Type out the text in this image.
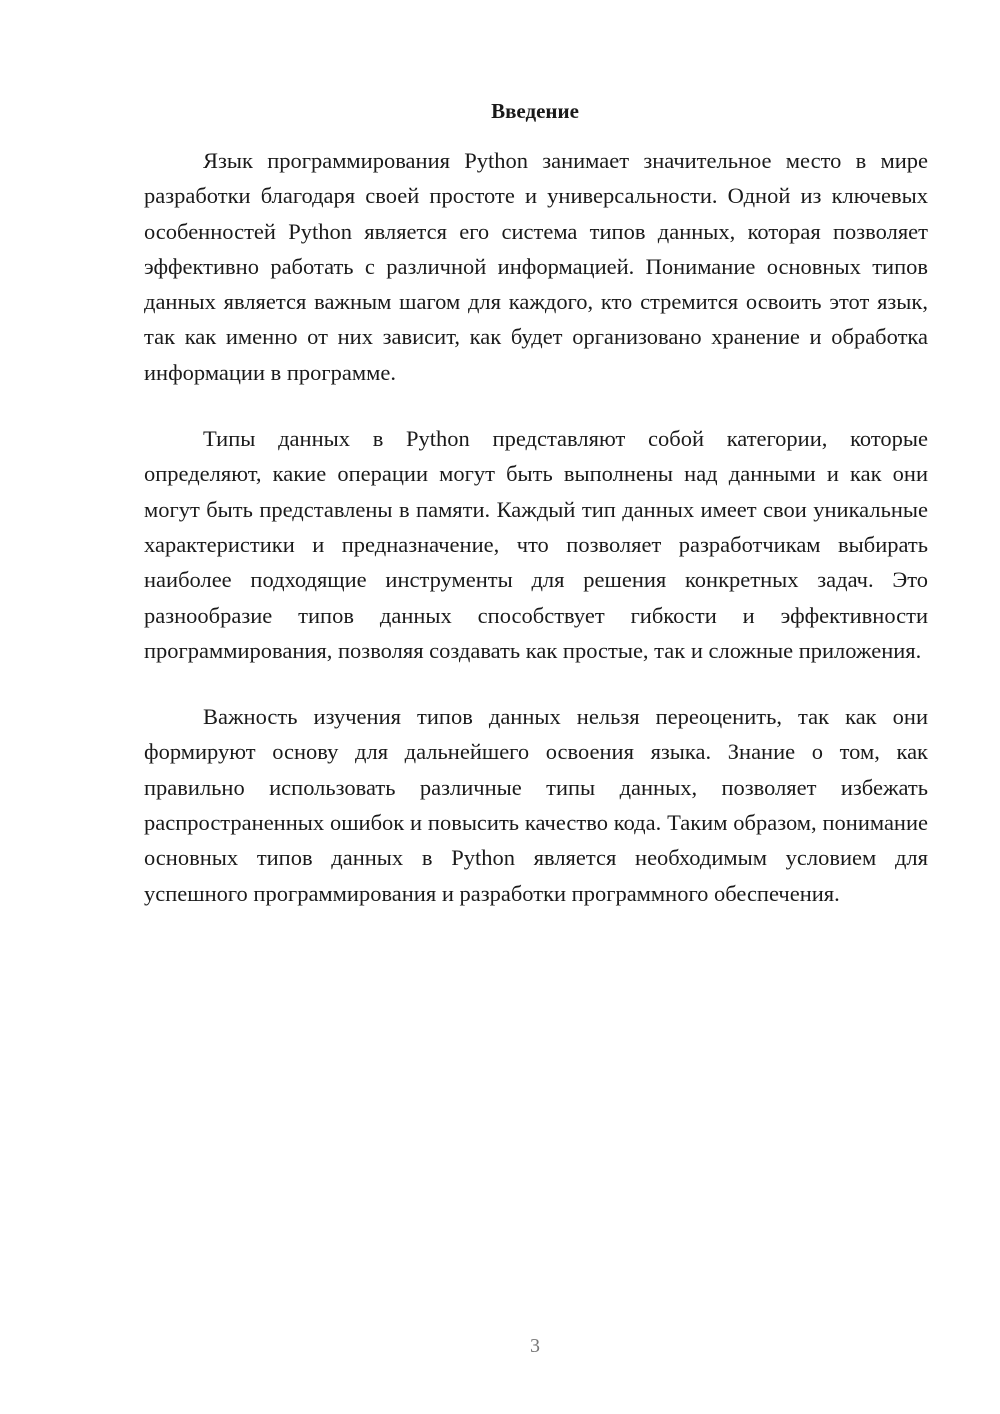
Введение

Язык программирования Python занимает значительное место в мире разработки благодаря своей простоте и универсальности. Одной из ключевых особенностей Python является его система типов данных, которая позволяет эффективно работать с различной информацией. Понимание основных типов данных является важным шагом для каждого, кто стремится освоить этот язык, так как именно от них зависит, как будет организовано хранение и обработка информации в программе.

Типы данных в Python представляют собой категории, которые определяют, какие операции могут быть выполнены над данными и как они могут быть представлены в памяти. Каждый тип данных имеет свои уникальные характеристики и предназначение, что позволяет разработчикам выбирать наиболее подходящие инструменты для решения конкретных задач. Это разнообразие типов данных способствует гибкости и эффективности программирования, позволяя создавать как простые, так и сложные приложения.

Важность изучения типов данных нельзя переоценить, так как они формируют основу для дальнейшего освоения языка. Знание о том, как правильно использовать различные типы данных, позволяет избежать распространенных ошибок и повысить качество кода. Таким образом, понимание основных типов данных в Python является необходимым условием для успешного программирования и разработки программного обеспечения.

3
